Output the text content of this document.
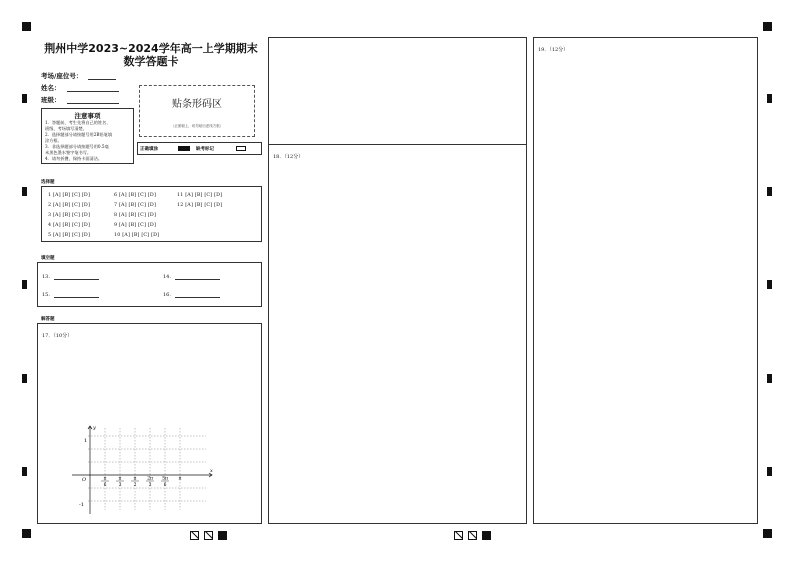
荆州中学2023~2024学年高一上学期期末
数学答题卡
考场/座位号：
姓名：
班级：
注意事项
1．答题前，考生先将自己的姓名、
班级、考场填写清楚。
2．选择题部分请按题号用2B铅笔填
涂方框。
3．非选择题部分请按题号用0.5毫
米黑色墨水签字笔书写。
4．请勿折叠，保持卡面清洁。
贴条形码区
（正面朝上，切勿贴出虚线方框）
正确填涂	缺考标记
选择题
1 [A] [B] [C] [D]	6 [A] [B] [C] [D]	11 [A] [B] [C] [D]
2 [A] [B] [C] [D]	7 [A] [B] [C] [D]	12 [A] [B] [C] [D]
3 [A] [B] [C] [D]	8 [A] [B] [C] [D]
4 [A] [B] [C] [D]	9 [A] [B] [C] [D]
5 [A] [B] [C] [D]	10 [A] [B] [C] [D]
填空题
13.	14.
15.	16.
解答题
17．（10分）
x
y
O
1
-1
π
6
π
3
π
2
2π
3
5π
6
π
18．（12分）
19．（12分）
